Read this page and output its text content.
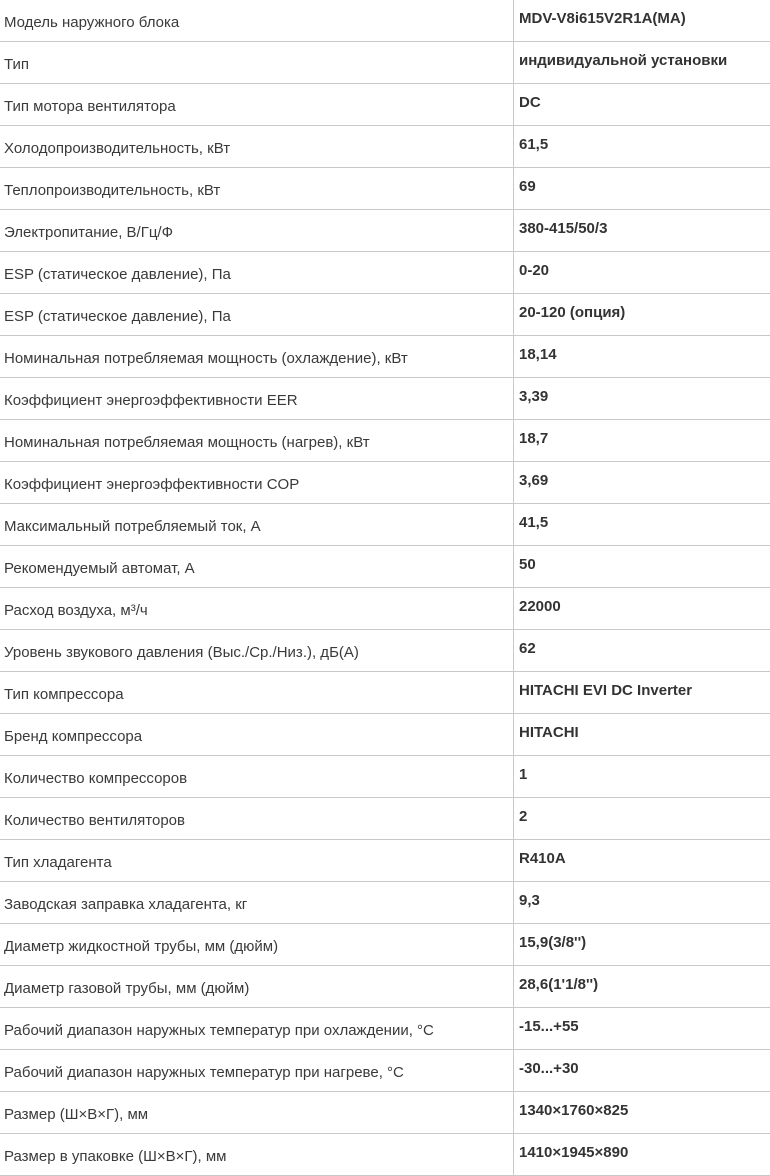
Модель наружного блока	MDV-V8i615V2R1A(MA)
Тип	индивидуальной установки
Тип мотора вентилятора	DC
Холодопроизводительность, кВт	61,5
Теплопроизводительность, кВт	69
Электропитание, В/Гц/Ф	380-415/50/3
ESP (статическое давление), Па	0-20
ESP (статическое давление), Па	20-120 (опция)
Номинальная потребляемая мощность (охлаждение), кВт	18,14
Коэффициент энергоэффективности EER	3,39
Номинальная потребляемая мощность (нагрев), кВт	18,7
Коэффициент энергоэффективности COP	3,69
Максимальный потребляемый ток, А	41,5
Рекомендуемый автомат, А	50
Расход воздуха, м³/ч	22000
Уровень звукового давления (Выс./Ср./Низ.), дБ(А)	62
Тип компрессора	HITACHI EVI DC Inverter
Бренд компрессора	HITACHI
Количество компрессоров	1
Количество вентиляторов	2
Тип хладагента	R410A
Заводская заправка хладагента, кг	9,3
Диаметр жидкостной трубы, мм (дюйм)	15,9(3/8'')
Диаметр газовой трубы, мм (дюйм)	28,6(1'1/8'')
Рабочий диапазон наружных температур при охлаждении, °С	-15...+55
Рабочий диапазон наружных температур при нагреве, °С	-30...+30
Размер (Ш×В×Г), мм	1340×1760×825
Размер в упаковке (Ш×В×Г), мм	1410×1945×890
